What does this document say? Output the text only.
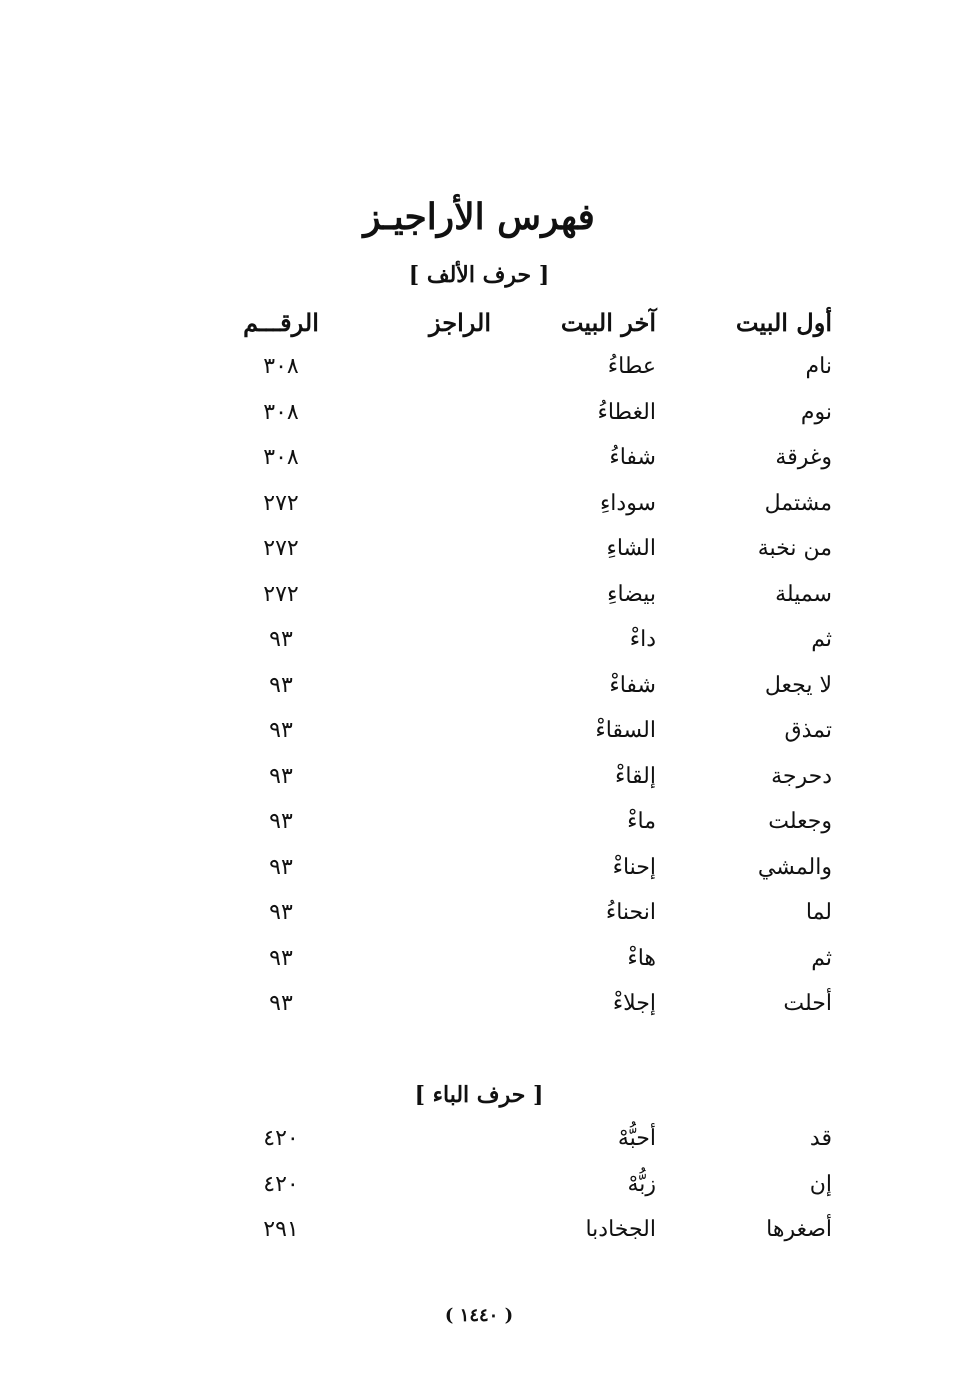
فهرس الأراجيـز
[ حرف الألف ]
أول البيت
آخر البيت
الراجز
الرقـــم
نام
عطاءُ
٣٠٨
نوم
الغطاءُ
٣٠٨
وغرقة
شفاءُ
٣٠٨
مشتمل
سوداءِ
٢٧٢
من نخبة
الشاءِ
٢٧٢
سميلة
بيضاءِ
٢٧٢
ثم
داءْ
٩٣
لا يجعل
شفاءْ
٩٣
تمذق
السقاءْ
٩٣
دحرجة
إلقاءْ
٩٣
وجعلت
ماءْ
٩٣
والمشي
إحناءْ
٩٣
لما
انحناءُ
٩٣
ثم
هاءْ
٩٣
أحلت
إجلاءْ
٩٣
[ حرف الباء ]
قد
أحبُّهْ
٤٢٠
إن
زبُّهْ
٤٢٠
أصغرها
الجخادبا
٢٩١
( ١٤٤٠ )
